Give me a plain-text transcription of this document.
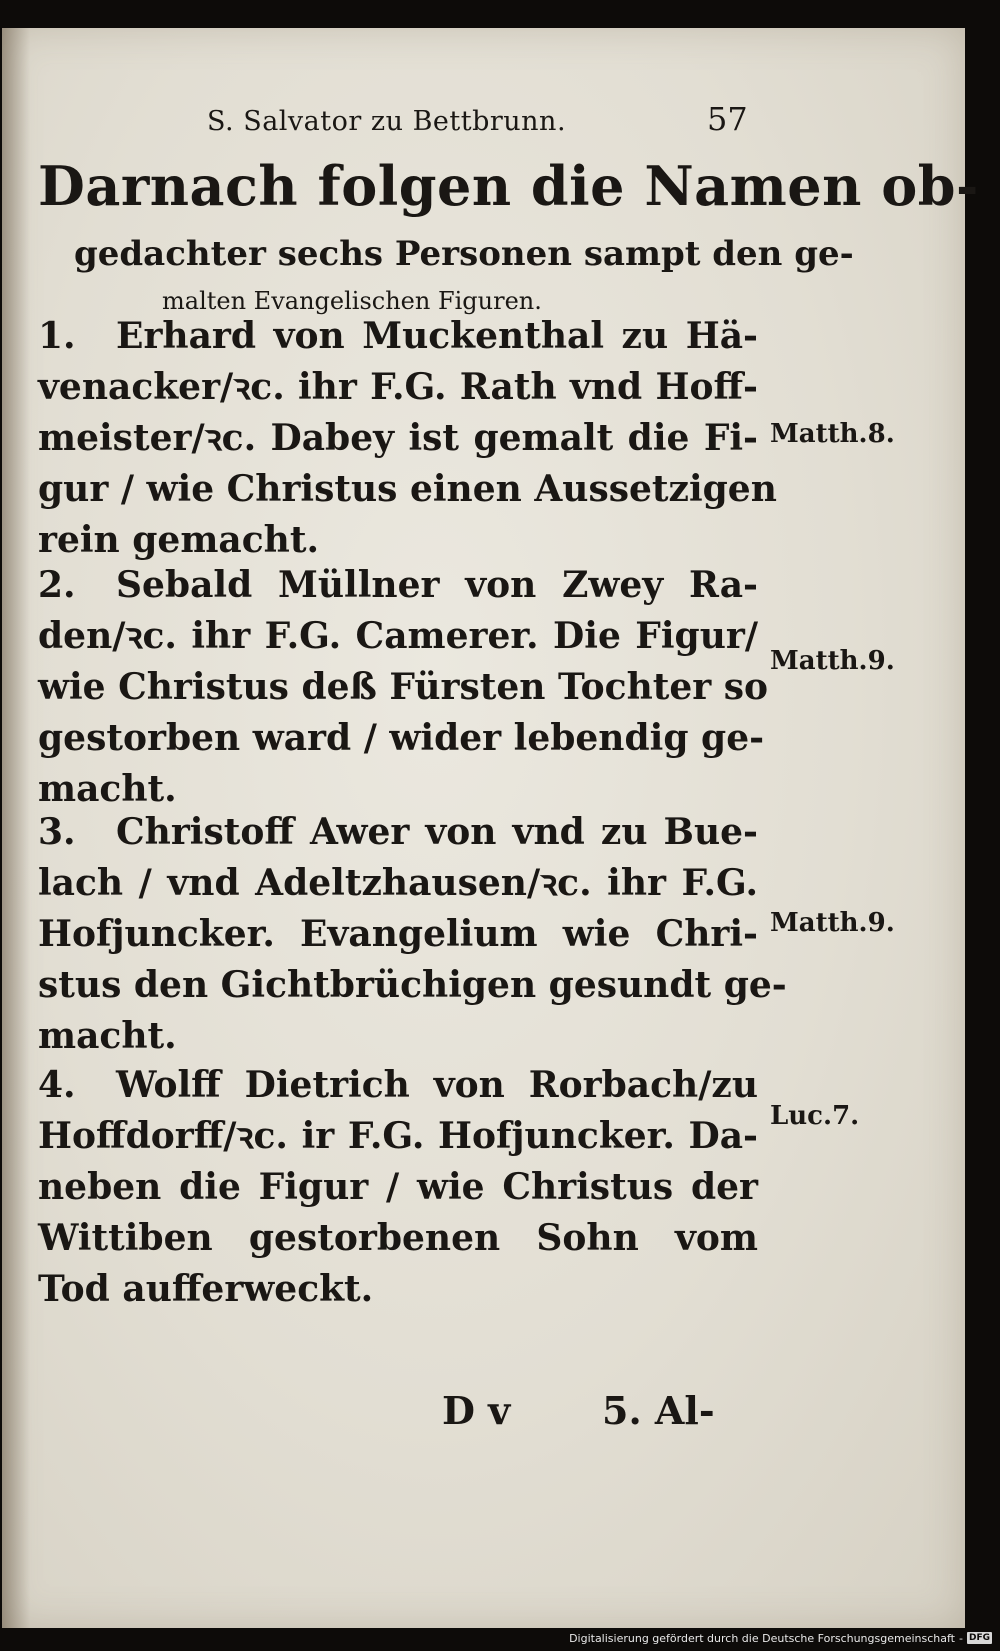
S. Salvator zu Bettbrunn.	57
Darnach folgen die Namen ob‑
gedachter sechs Personen sampt den ge‑
malten Evangelischen Figuren.
1. Erhard von Muckenthal zu Hä‑
venacker/ꝛc. ihr F.G. Rath vnd Hoff‑
meister/ꝛc. Dabey ist gemalt die Fi‑
gur / wie Christus einen Aussetzigen
rein gemacht.
Matth.8.
2. Sebald Müllner von Zwey Ra‑
den/ꝛc. ihr F.G. Camerer. Die Figur/
wie Christus deß Fürsten Tochter so
gestorben ward / wider lebendig ge‑
macht.
Matth.9.
3. Christoff Awer von vnd zu Bue‑
lach / vnd Adeltzhausen/ꝛc. ihr F.G.
Hofjuncker. Evangelium wie Chri‑
stus den Gichtbrüchigen gesundt ge‑
macht.
Matth.9.
4. Wolff Dietrich von Rorbach/zu
Hoffdorff/ꝛc. ir F.G. Hofjuncker. Da‑
neben die Figur / wie Christus der
Wittiben gestorbenen Sohn vom
Tod aufferweckt.
Luc.7.
D v 5. Al‑
Digitalisierung gefördert durch die Deutsche Forschungsgemeinschaft - DFG
